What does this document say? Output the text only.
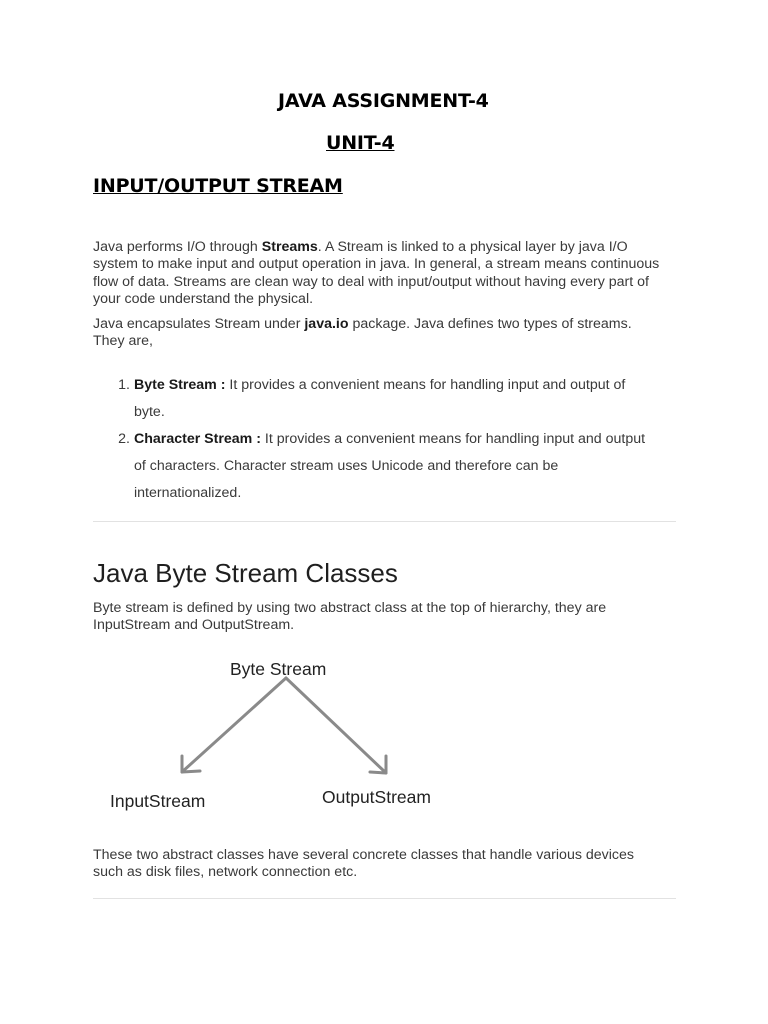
JAVA ASSIGNMENT-4
UNIT-4
INPUT/OUTPUT STREAM
Java performs I/O through Streams. A Stream is linked to a physical layer by java I/O system to make input and output operation in java. In general, a stream means continuous flow of data. Streams are clean way to deal with input/output without having every part of your code understand the physical.
Java encapsulates Stream under java.io package. Java defines two types of streams. They are,
1. Byte Stream : It provides a convenient means for handling input and output of byte.
2. Character Stream : It provides a convenient means for handling input and output of characters. Character stream uses Unicode and therefore can be internationalized.
Java Byte Stream Classes
Byte stream is defined by using two abstract class at the top of hierarchy, they are InputStream and OutputStream.
Byte Stream
InputStream	OutputStream
These two abstract classes have several concrete classes that handle various devices such as disk files, network connection etc.
